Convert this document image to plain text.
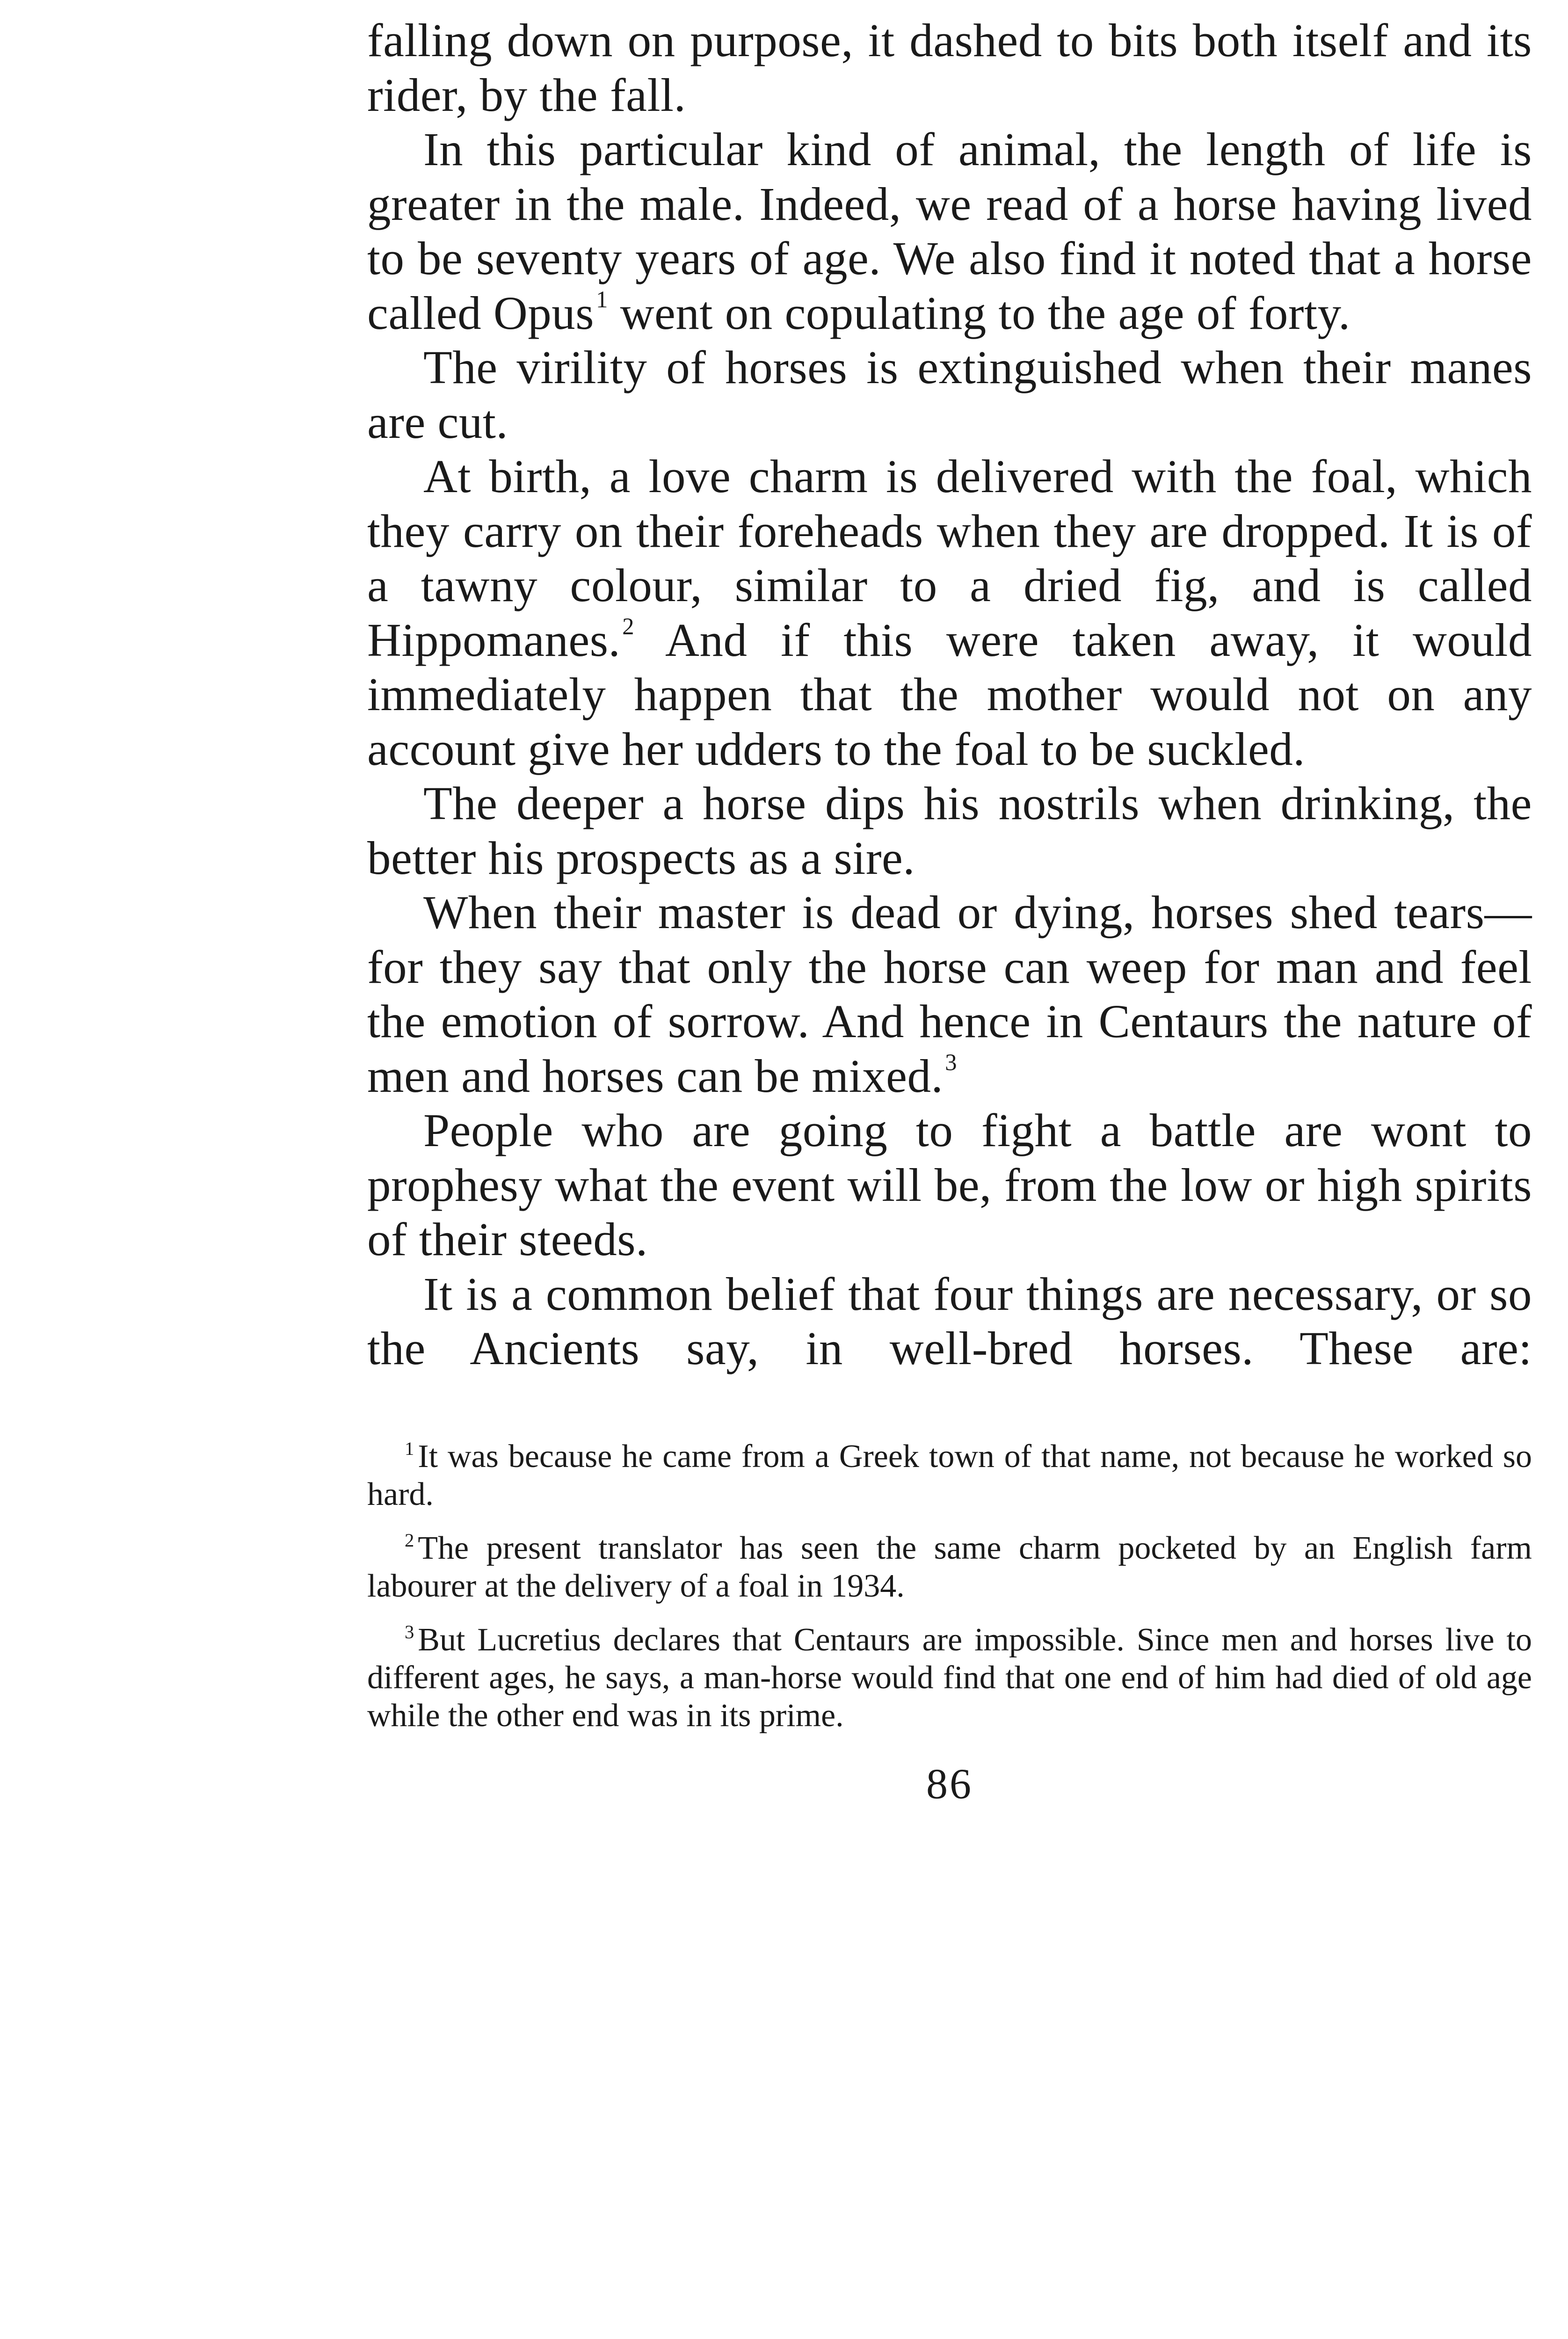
falling down on purpose, it dashed to bits both itself and its rider, by the fall.

In this particular kind of animal, the length of life is greater in the male. Indeed, we read of a horse having lived to be seventy years of age. We also find it noted that a horse called Opus$^1$ went on copulating to the age of forty.

The virility of horses is extinguished when their manes are cut.

At birth, a love charm is delivered with the foal, which they carry on their foreheads when they are dropped. It is of a tawny colour, similar to a dried fig, and is called Hippomanes.$^2$ And if this were taken away, it would immediately happen that the mother would not on any account give her udders to the foal to be suckled.

The deeper a horse dips his nostrils when drinking, the better his prospects as a sire.

When their master is dead or dying, horses shed tears—for they say that only the horse can weep for man and feel the emotion of sorrow. And hence in Centaurs the nature of men and horses can be mixed.$^3$

People who are going to fight a battle are wont to prophesy what the event will be, from the low or high spirits of their steeds.

It is a common belief that four things are necessary, or so the Ancients say, in well-bred horses. These are:

$^1$ It was because he came from a Greek town of that name, not because he worked so hard.

$^2$ The present translator has seen the same charm pocketed by an English farm labourer at the delivery of a foal in 1934.

$^3$ But Lucretius declares that Centaurs are impossible. Since men and horses live to different ages, he says, a man-horse would find that one end of him had died of old age while the other end was in its prime.

86
